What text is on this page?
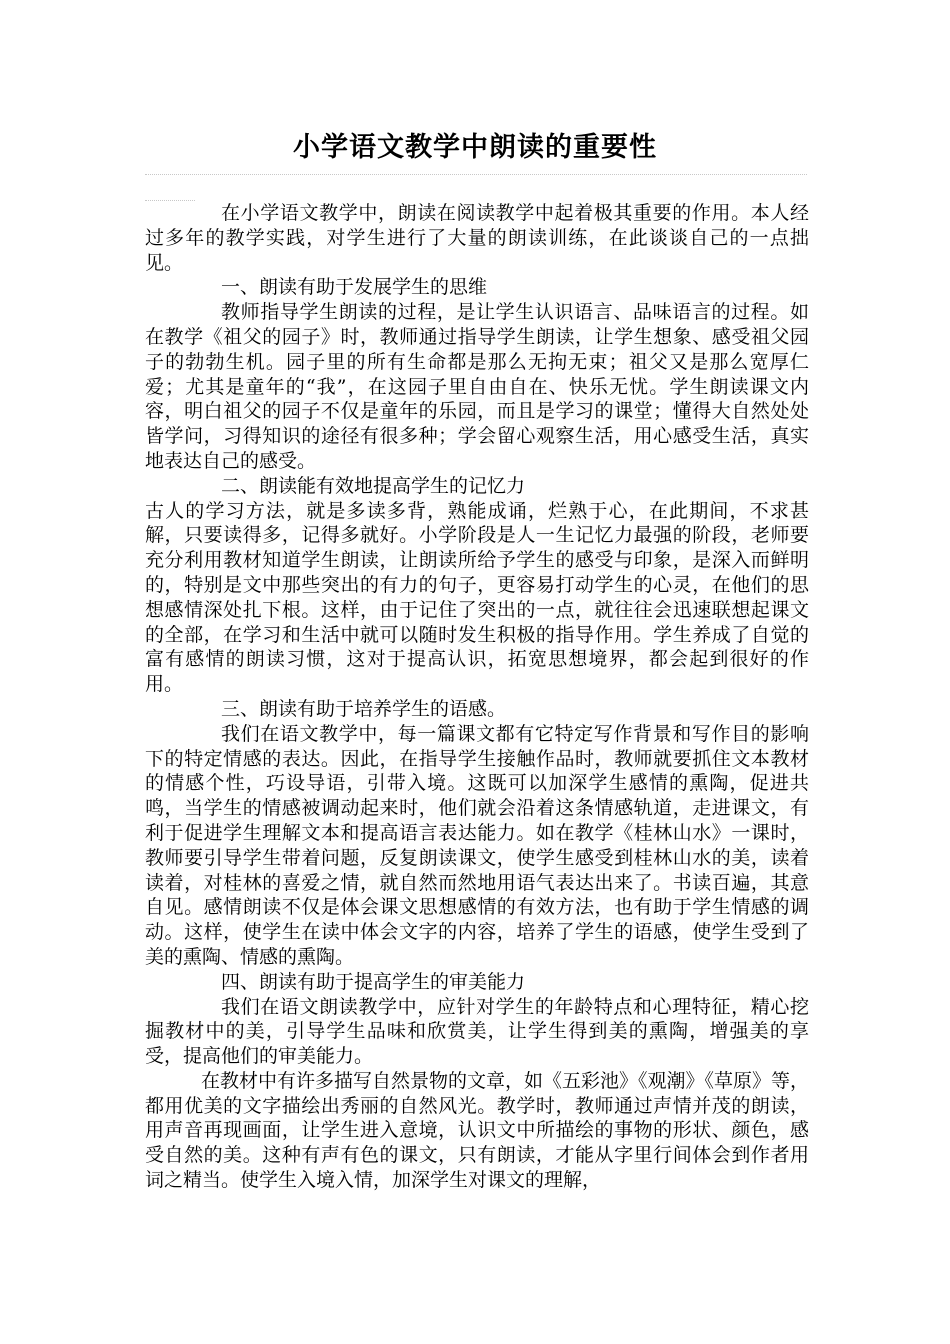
小学语文教学中朗读的重要性

在小学语文教学中，朗读在阅读教学中起着极其重要的作用。本人经过多年的教学实践，对学生进行了大量的朗读训练，在此谈谈自己的一点拙见。

一、朗读有助于发展学生的思维

教师指导学生朗读的过程，是让学生认识语言、品味语言的过程。如在教学《祖父的园子》时，教师通过指导学生朗读，让学生想象、感受祖父园子的勃勃生机。园子里的所有生命都是那么无拘无束；祖父又是那么宽厚仁爱；尤其是童年的“我”，在这园子里自由自在、快乐无忧。学生朗读课文内容，明白祖父的园子不仅是童年的乐园，而且是学习的课堂；懂得大自然处处皆学问，习得知识的途径有很多种；学会留心观察生活，用心感受生活，真实地表达自己的感受。

二、朗读能有效地提高学生的记忆力

古人的学习方法，就是多读多背，熟能成诵，烂熟于心，在此期间，不求甚解，只要读得多，记得多就好。小学阶段是人一生记忆力最强的阶段，老师要充分利用教材知道学生朗读，让朗读所给予学生的感受与印象，是深入而鲜明的，特别是文中那些突出的有力的句子，更容易打动学生的心灵，在他们的思想感情深处扎下根。这样，由于记住了突出的一点，就往往会迅速联想起课文的全部，在学习和生活中就可以随时发生积极的指导作用。学生养成了自觉的富有感情的朗读习惯，这对于提高认识，拓宽思想境界，都会起到很好的作用。

三、朗读有助于培养学生的语感。

我们在语文教学中，每一篇课文都有它特定写作背景和写作目的影响下的特定情感的表达。因此，在指导学生接触作品时，教师就要抓住文本教材的情感个性，巧设导语，引带入境。这既可以加深学生感情的熏陶，促进共鸣，当学生的情感被调动起来时，他们就会沿着这条情感轨道，走进课文，有利于促进学生理解文本和提高语言表达能力。如在教学《桂林山水》一课时，教师要引导学生带着问题，反复朗读课文，使学生感受到桂林山水的美，读着读着，对桂林的喜爱之情，就自然而然地用语气表达出来了。书读百遍，其意自见。感情朗读不仅是体会课文思想感情的有效方法，也有助于学生情感的调动。这样，使学生在读中体会文字的内容，培养了学生的语感，使学生受到了美的熏陶、情感的熏陶。

四、朗读有助于提高学生的审美能力

我们在语文朗读教学中，应针对学生的年龄特点和心理特征，精心挖掘教材中的美，引导学生品味和欣赏美，让学生得到美的熏陶，增强美的享受，提高他们的审美能力。

在教材中有许多描写自然景物的文章，如《五彩池》《观潮》《草原》等，都用优美的文字描绘出秀丽的自然风光。教学时，教师通过声情并茂的朗读，用声音再现画面，让学生进入意境，认识文中所描绘的事物的形状、颜色，感受自然的美。这种有声有色的课文，只有朗读，才能从字里行间体会到作者用词之精当。使学生入境入情，加深学生对课文的理解，
